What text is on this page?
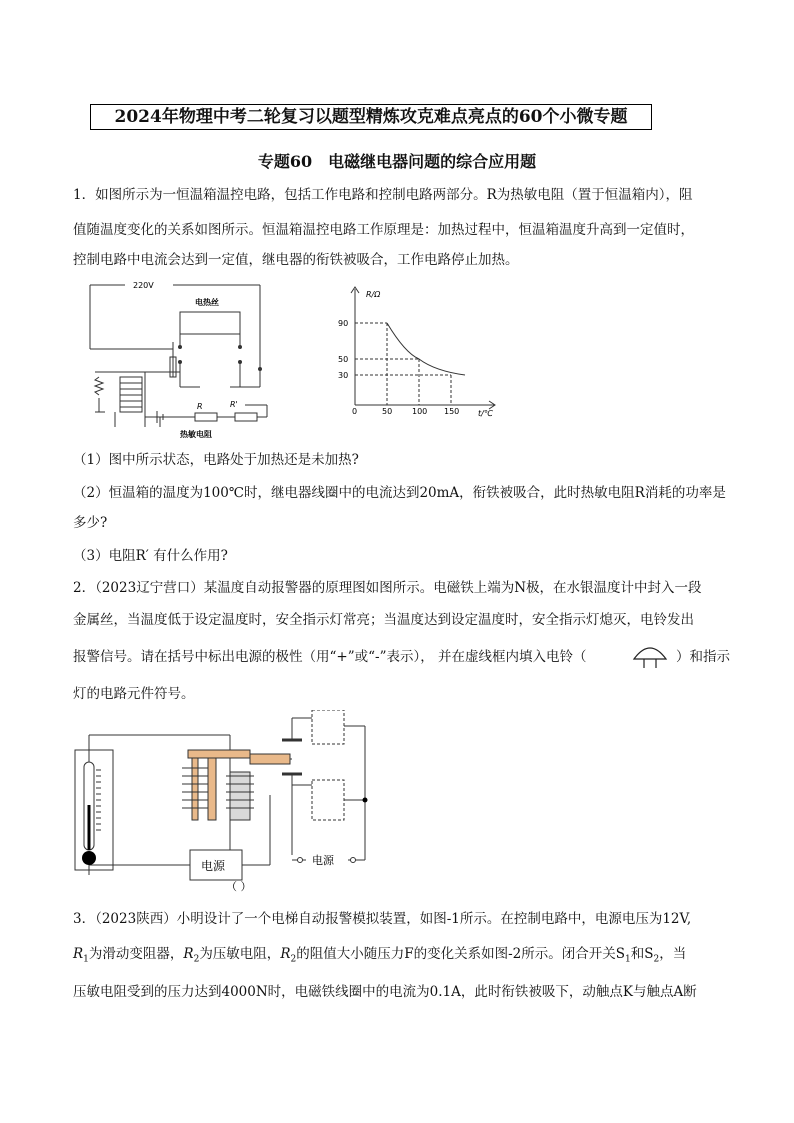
2024年物理中考二轮复习以题型精炼攻克难点亮点的60个小微专题
专题60　电磁继电器问题的综合应用题
1．如图所示为一恒温箱温控电路，包括工作电路和控制电路两部分。R为热敏电阻（置于恒温箱内），阻
值随温度变化的关系如图所示。恒温箱温控电路工作原理是：加热过程中，恒温箱温度升高到一定值时，
控制电路中电流会达到一定值，继电器的衔铁被吸合，工作电路停止加热。
220V
电热丝
R	R'
热敏电阻
R/Ω
t/℃
90
50
30
0	50 100 150
（1）图中所示状态，电路处于加热还是未加热?
（2）恒温箱的温度为100℃时，继电器线圈中的电流达到20mA，衔铁被吸合，此时热敏电阻R消耗的功率是
多少?
（3）电阻R′ 有什么作用?
2．（2023辽宁营口）某温度自动报警器的原理图如图所示。电磁铁上端为N极，在水银温度计中封入一段
金属丝，当温度低于设定温度时，安全指示灯常亮；当温度达到设定温度时，安全指示灯熄灭，电铃发出
报警信号。请在括号中标出电源的极性（用“+”或“-”表示）， 并在虚线框内填入电铃（	）和指示
灯的电路元件符号。
电源	电源
（ ）
3．（2023陕西）小明设计了一个电梯自动报警模拟装置，如图-1所示。在控制电路中，电源电压为12V,
$R_1$为滑动变阻器，$R_2$为压敏电阻，$R_2$的阻值大小随压力F的变化关系如图-2所示。闭合开关$S_1$和$S_2$，当
压敏电阻受到的压力达到4000N时，电磁铁线圈中的电流为0.1A，此时衔铁被吸下，动触点K与触点A断
